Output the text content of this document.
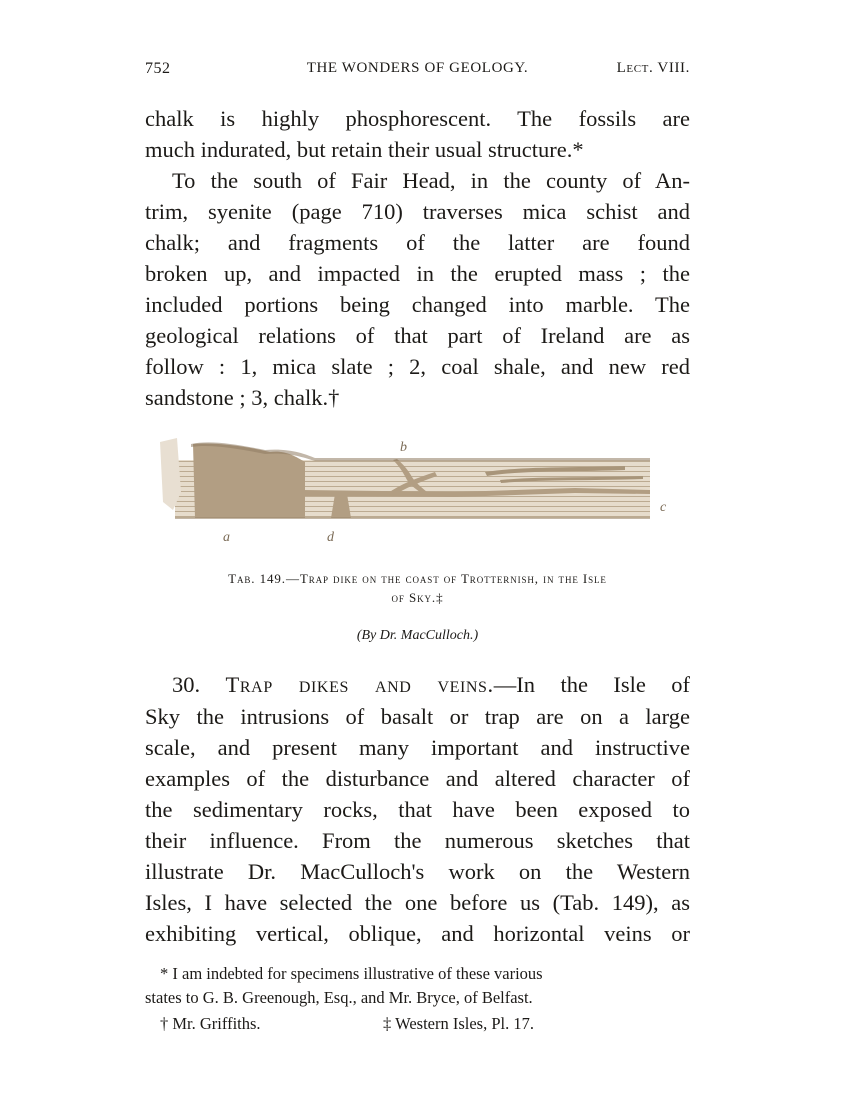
752	THE WONDERS OF GEOLOGY.	Lect. VIII.
chalk is highly phosphorescent. The fossils are
much indurated, but retain their usual structure.*
To the south of Fair Head, in the county of An-
trim, syenite (page 710) traverses mica schist and
chalk; and fragments of the latter are found
broken up, and impacted in the erupted mass ; the
included portions being changed into marble. The
geological relations of that part of Ireland are as
follow : 1, mica slate ; 2, coal shale, and new red
sandstone ; 3, chalk.†
b
c
a	d
Tab. 149.—Trap dike on the coast of Trotternish, in the Isle
of Sky.‡
(By Dr. MacCulloch.)
30. Trap dikes and veins.—In the Isle of
Sky the intrusions of basalt or trap are on a large
scale, and present many important and instructive
examples of the disturbance and altered character of
the sedimentary rocks, that have been exposed to
their influence. From the numerous sketches that
illustrate Dr. MacCulloch's work on the Western
Isles, I have selected the one before us (Tab. 149), as
exhibiting vertical, oblique, and horizontal veins or
* I am indebted for specimens illustrative of these various
states to G. B. Greenough, Esq., and Mr. Bryce, of Belfast.
† Mr. Griffiths.	‡ Western Isles, Pl. 17.
